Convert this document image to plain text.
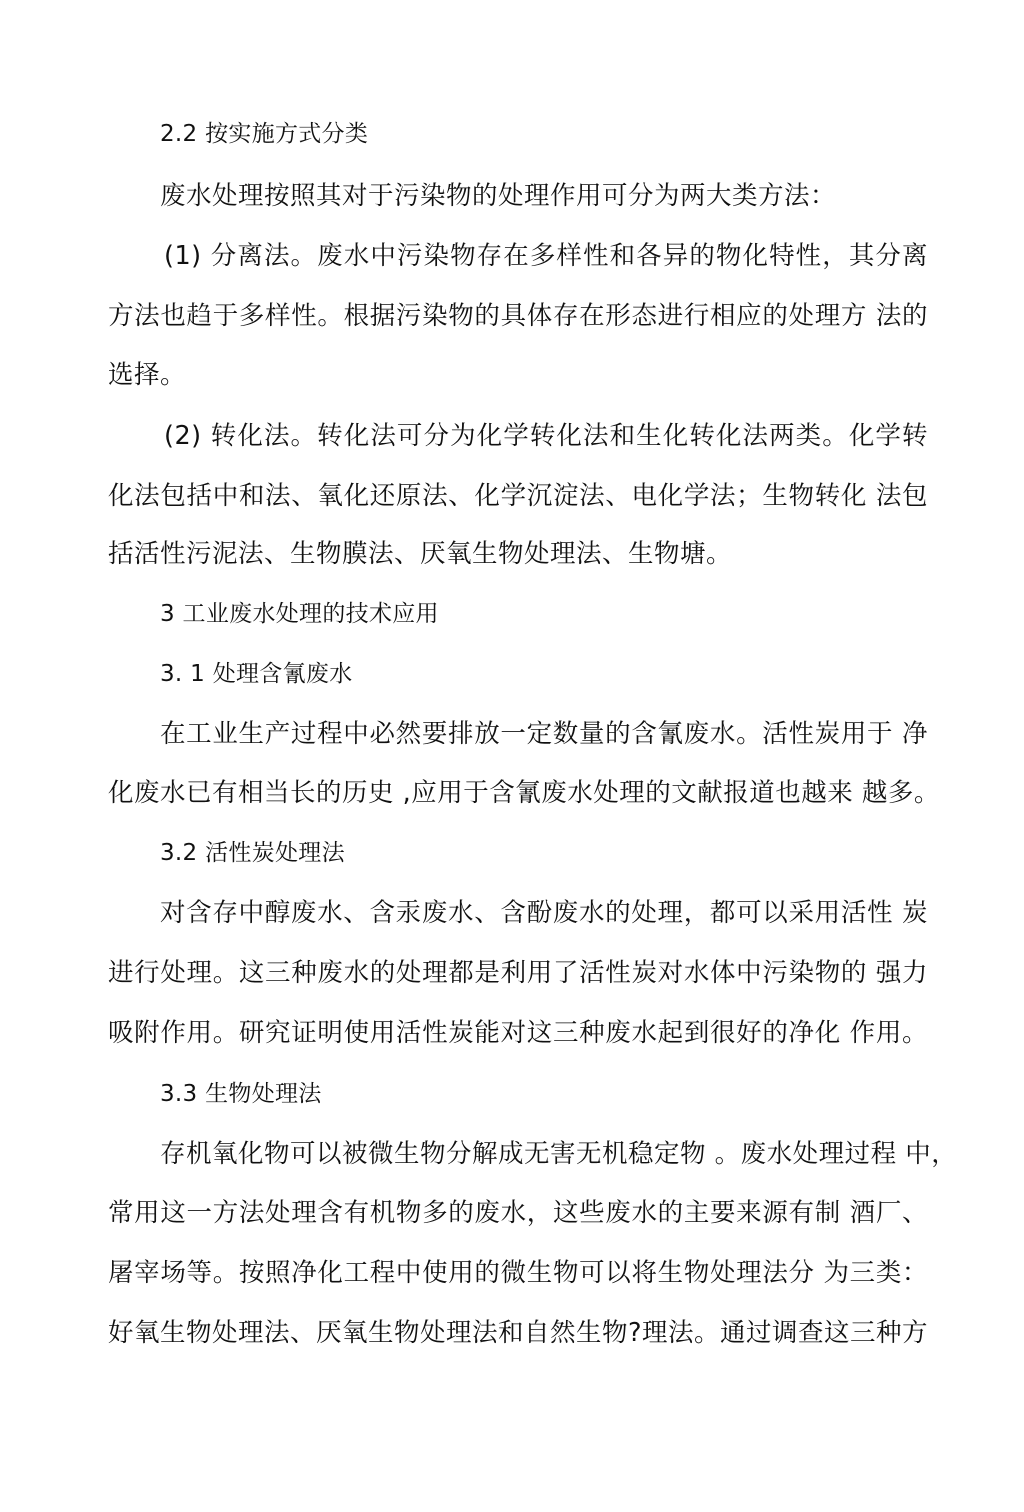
2.2 按实施方式分类
废水处理按照其对于污染物的处理作用可分为两大类方法：
(1) 分离法。废水中污染物存在多样性和各异的物化特性，其分离
方法也趋于多样性。根据污染物的具体存在形态进行相应的处理方 法的
选择。
(2) 转化法。转化法可分为化学转化法和生化转化法两类。化学转
化法包括中和法、氧化还原法、化学沉淀法、电化学法；生物转化 法包
括活性污泥法、生物膜法、厌氧生物处理法、生物塘。
3 工业废水处理的技术应用
3. 1 处理含氰废水
在工业生产过程中必然要排放一定数量的含氰废水。活性炭用于 净
化废水已有相当长的历史 ,应用于含氰废水处理的文献报道也越来 越多。
3.2 活性炭处理法
对含存中醇废水、含汞废水、含酚废水的处理，都可以采用活性 炭
进行处理。这三种废水的处理都是利用了活性炭对水体中污染物的 强力
吸附作用。研究证明使用活性炭能对这三种废水起到很好的净化 作用。
3.3 生物处理法
存机氧化物可以被微生物分解成无害无机稳定物 。废水处理过程 中，
常用这一方法处理含有机物多的废水，这些废水的主要来源有制 酒厂、
屠宰场等。按照净化工程中使用的微生物可以将生物处理法分 为三类：
好氧生物处理法、厌氧生物处理法和自然生物?理法。通过调查这三种方
